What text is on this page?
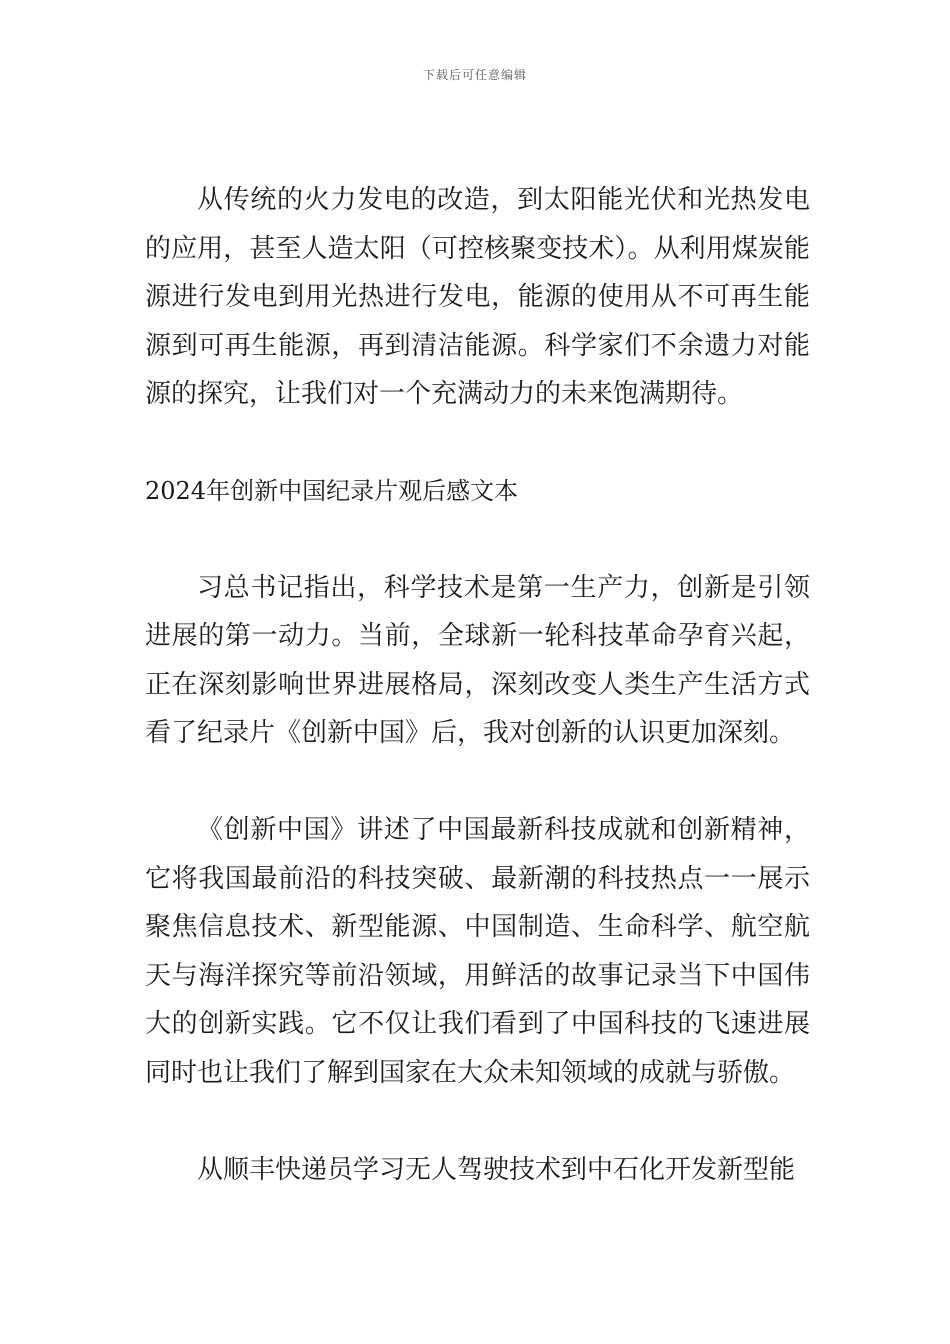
下载后可任意编辑

从传统的火力发电的改造，到太阳能光伏和光热发电的应用，甚至人造太阳（可控核聚变技术）。从利用煤炭能源进行发电到用光热进行发电，能源的使用从不可再生能源到可再生能源，再到清洁能源。科学家们不余遗力对能源的探究，让我们对一个充满动力的未来饱满期待。

2024年创新中国纪录片观后感文本

习总书记指出，科学技术是第一生产力，创新是引领进展的第一动力。当前，全球新一轮科技革命孕育兴起，正在深刻影响世界进展格局，深刻改变人类生产生活方式看了纪录片《创新中国》后，我对创新的认识更加深刻。

《创新中国》讲述了中国最新科技成就和创新精神，它将我国最前沿的科技突破、最新潮的科技热点一一展示聚焦信息技术、新型能源、中国制造、生命科学、航空航天与海洋探究等前沿领域，用鲜活的故事记录当下中国伟大的创新实践。它不仅让我们看到了中国科技的飞速进展同时也让我们了解到国家在大众未知领域的成就与骄傲。

从顺丰快递员学习无人驾驶技术到中石化开发新型能
